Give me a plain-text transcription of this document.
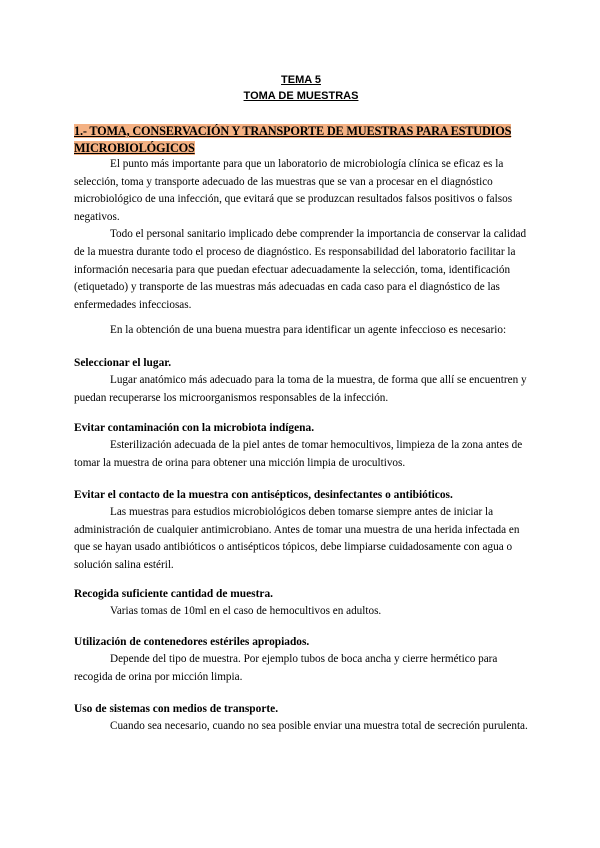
TEMA 5
TOMA DE MUESTRAS
1.- TOMA, CONSERVACIÓN Y TRANSPORTE DE MUESTRAS PARA ESTUDIOS MICROBIOLÓGICOS

El punto más importante para que un laboratorio de microbiología clínica se eficaz es la selección, toma y transporte adecuado de las muestras que se van a procesar en el diagnóstico microbiológico de una infección, que evitará que se produzcan resultados falsos positivos o falsos negativos.

Todo el personal sanitario implicado debe comprender la importancia de conservar la calidad de la muestra durante todo el proceso de diagnóstico. Es responsabilidad del laboratorio facilitar la información necesaria para que puedan efectuar adecuadamente la selección, toma, identificación (etiquetado) y transporte de las muestras más adecuadas en cada caso para el diagnóstico de las enfermedades infecciosas.

En la obtención de una buena muestra para identificar un agente infeccioso es necesario:

Seleccionar el lugar.

Lugar anatómico más adecuado para la toma de la muestra, de forma que allí se encuentren y puedan recuperarse los microorganismos responsables de la infección.

Evitar contaminación con la microbiota indígena.

Esterilización adecuada de la piel antes de tomar hemocultivos, limpieza de la zona antes de tomar la muestra de orina para obtener una micción limpia de urocultivos.

Evitar el contacto de la muestra con antisépticos, desinfectantes o antibióticos.

Las muestras para estudios microbiológicos deben tomarse siempre antes de iniciar la administración de cualquier antimicrobiano. Antes de tomar una muestra de una herida infectada en que se hayan usado antibióticos o antisépticos tópicos, debe limpiarse cuidadosamente con agua o solución salina estéril.

Recogida suficiente cantidad de muestra.

Varias tomas de 10ml en el caso de hemocultivos en adultos.

Utilización de contenedores estériles apropiados.

Depende del tipo de muestra. Por ejemplo tubos de boca ancha y cierre hermético para recogida de orina por micción limpia.

Uso de sistemas con medios de transporte.

Cuando sea necesario, cuando no sea posible enviar una muestra total de secreción purulenta.
